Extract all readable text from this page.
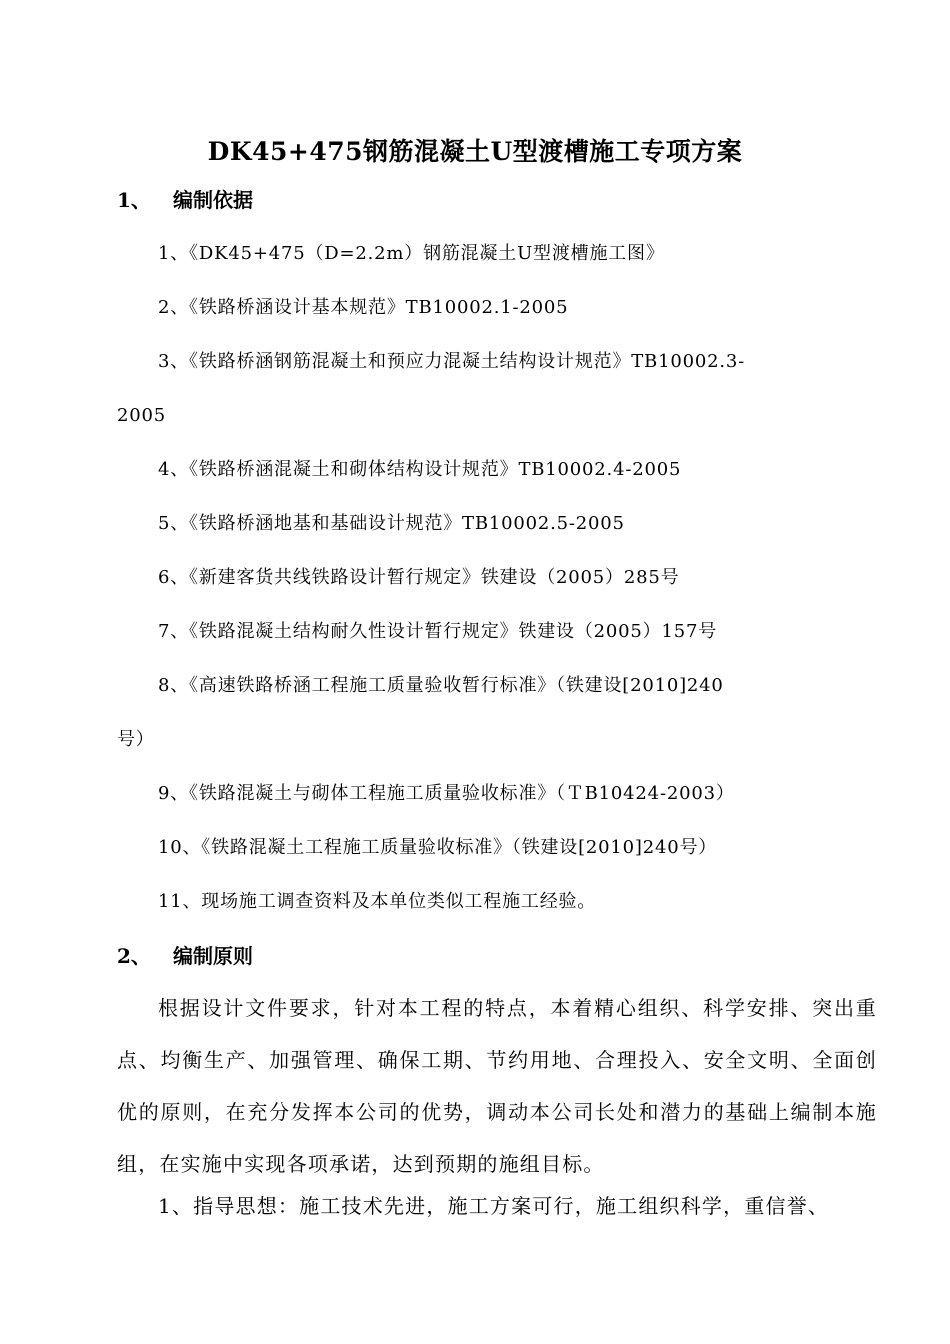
DK45+475钢筋混凝土U型渡槽施工专项方案
1、 编制依据
1、《DK45+475（D=2.2m）钢筋混凝土U型渡槽施工图》
2、《铁路桥涵设计基本规范》TB10002.1-2005
3、《铁路桥涵钢筋混凝土和预应力混凝土结构设计规范》TB10002.3-
2005
4、《铁路桥涵混凝土和砌体结构设计规范》TB10002.4-2005
5、《铁路桥涵地基和基础设计规范》TB10002.5-2005
6、《新建客货共线铁路设计暂行规定》铁建设（2005）285号
7、《铁路混凝土结构耐久性设计暂行规定》铁建设（2005）157号
8、《高速铁路桥涵工程施工质量验收暂行标准》（铁建设[2010]240
号）
9、《铁路混凝土与砌体工程施工质量验收标准》（ＴB10424-2003）
10、《铁路混凝土工程施工质量验收标准》（铁建设[2010]240号）
11、现场施工调查资料及本单位类似工程施工经验。
2、 编制原则
根据设计文件要求，针对本工程的特点，本着精心组织、科学安排、突出重点、均衡生产、加强管理、确保工期、节约用地、合理投入、安全文明、全面创优的原则，在充分发挥本公司的优势，调动本公司长处和潜力的基础上编制本施组，在实施中实现各项承诺，达到预期的施组目标。
1、指导思想：施工技术先进，施工方案可行，施工组织科学，重信誉、
